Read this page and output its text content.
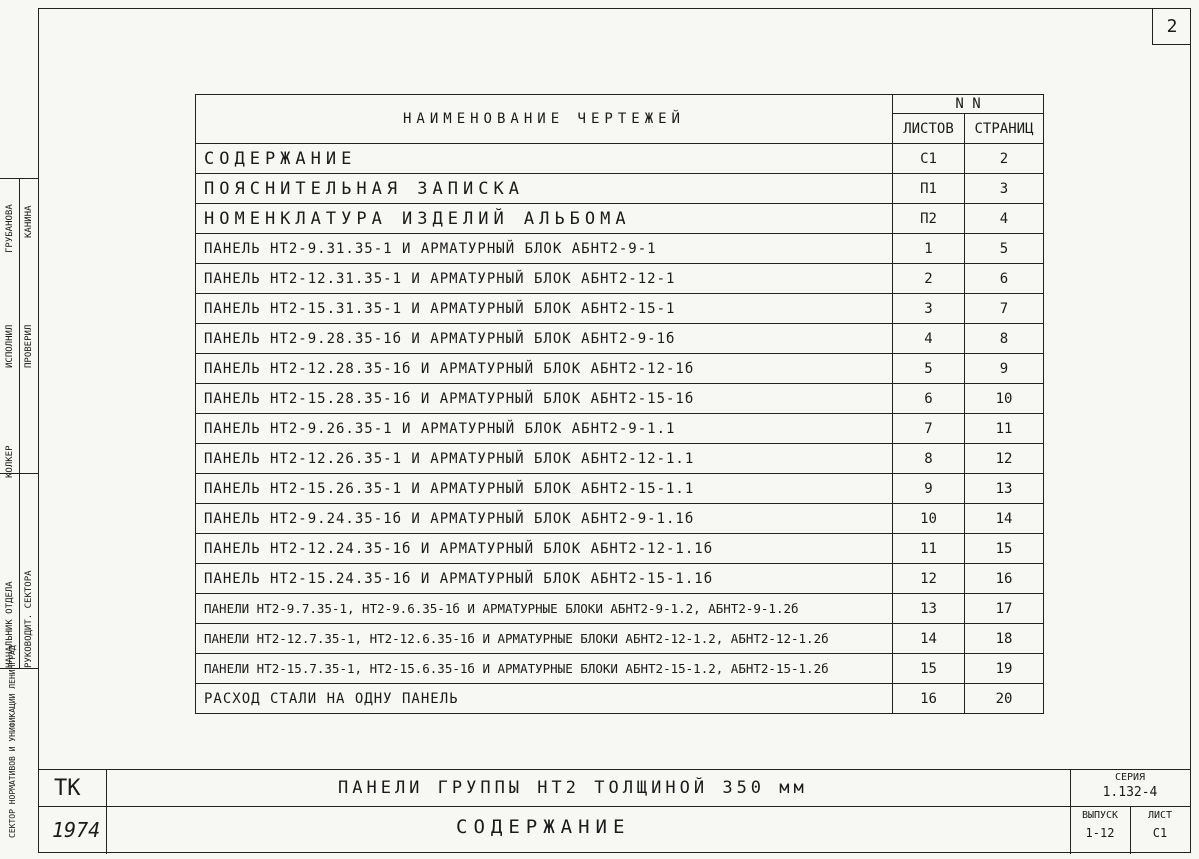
2
НАЧАЛЬНИК ОТДЕЛА	РУКОВОДИТ. СЕКТОРА
ИСПОЛНИЛ	ПРОВЕРИЛ
КОЛКЕР
ГРУБАНОВА	КАНИНА
СЕКТОР НОРМАТИВОВ И УНИФИКАЦИИ ЛЕНИНГРАД
НАИМЕНОВАНИЕ ЧЕРТЕЖЕЙ	N N	
	ЛИСТОВ	СТРАНИЦ
СОДЕРЖАНИЕ	С1	2
ПОЯСНИТЕЛЬНАЯ ЗАПИСКА	П1	3
НОМЕНКЛАТУРА ИЗДЕЛИЙ АЛЬБОМА	П2	4
ПАНЕЛЬ НТ2-9.31.35-1 И АРМАТУРНЫЙ БЛОК АБНТ2-9-1	1	5
ПАНЕЛЬ НТ2-12.31.35-1 И АРМАТУРНЫЙ БЛОК АБНТ2-12-1	2	6
ПАНЕЛЬ НТ2-15.31.35-1 И АРМАТУРНЫЙ БЛОК АБНТ2-15-1	3	7
ПАНЕЛЬ НТ2-9.28.35-1б И АРМАТУРНЫЙ БЛОК АБНТ2-9-1б	4	8
ПАНЕЛЬ НТ2-12.28.35-1б И АРМАТУРНЫЙ БЛОК АБНТ2-12-1б	5	9
ПАНЕЛЬ НТ2-15.28.35-1б И АРМАТУРНЫЙ БЛОК АБНТ2-15-1б	6	10
ПАНЕЛЬ НТ2-9.26.35-1 И АРМАТУРНЫЙ БЛОК АБНТ2-9-1.1	7	11
ПАНЕЛЬ НТ2-12.26.35-1 И АРМАТУРНЫЙ БЛОК АБНТ2-12-1.1	8	12
ПАНЕЛЬ НТ2-15.26.35-1 И АРМАТУРНЫЙ БЛОК АБНТ2-15-1.1	9	13
ПАНЕЛЬ НТ2-9.24.35-1б И АРМАТУРНЫЙ БЛОК АБНТ2-9-1.1б	10	14
ПАНЕЛЬ НТ2-12.24.35-1б И АРМАТУРНЫЙ БЛОК АБНТ2-12-1.1б	11	15
ПАНЕЛЬ НТ2-15.24.35-1б И АРМАТУРНЫЙ БЛОК АБНТ2-15-1.1б	12	16
ПАНЕЛИ НТ2-9.7.35-1, НТ2-9.6.35-1б И АРМАТУРНЫЕ БЛОКИ АБНТ2-9-1.2, АБНТ2-9-1.2б	13	17
ПАНЕЛИ НТ2-12.7.35-1, НТ2-12.6.35-1б И АРМАТУРНЫЕ БЛОКИ АБНТ2-12-1.2, АБНТ2-12-1.2б	14	18
ПАНЕЛИ НТ2-15.7.35-1, НТ2-15.6.35-1б И АРМАТУРНЫЕ БЛОКИ АБНТ2-15-1.2, АБНТ2-15-1.2б	15	19
РАСХОД СТАЛИ НА ОДНУ ПАНЕЛЬ	16	20
ТК
1974
ПАНЕЛИ ГРУППЫ НТ2 ТОЛЩИНОЙ 350 мм
СОДЕРЖАНИЕ
СЕРИЯ
1.132-4
ВЫПУСК
1-12
ЛИСТ
С1
